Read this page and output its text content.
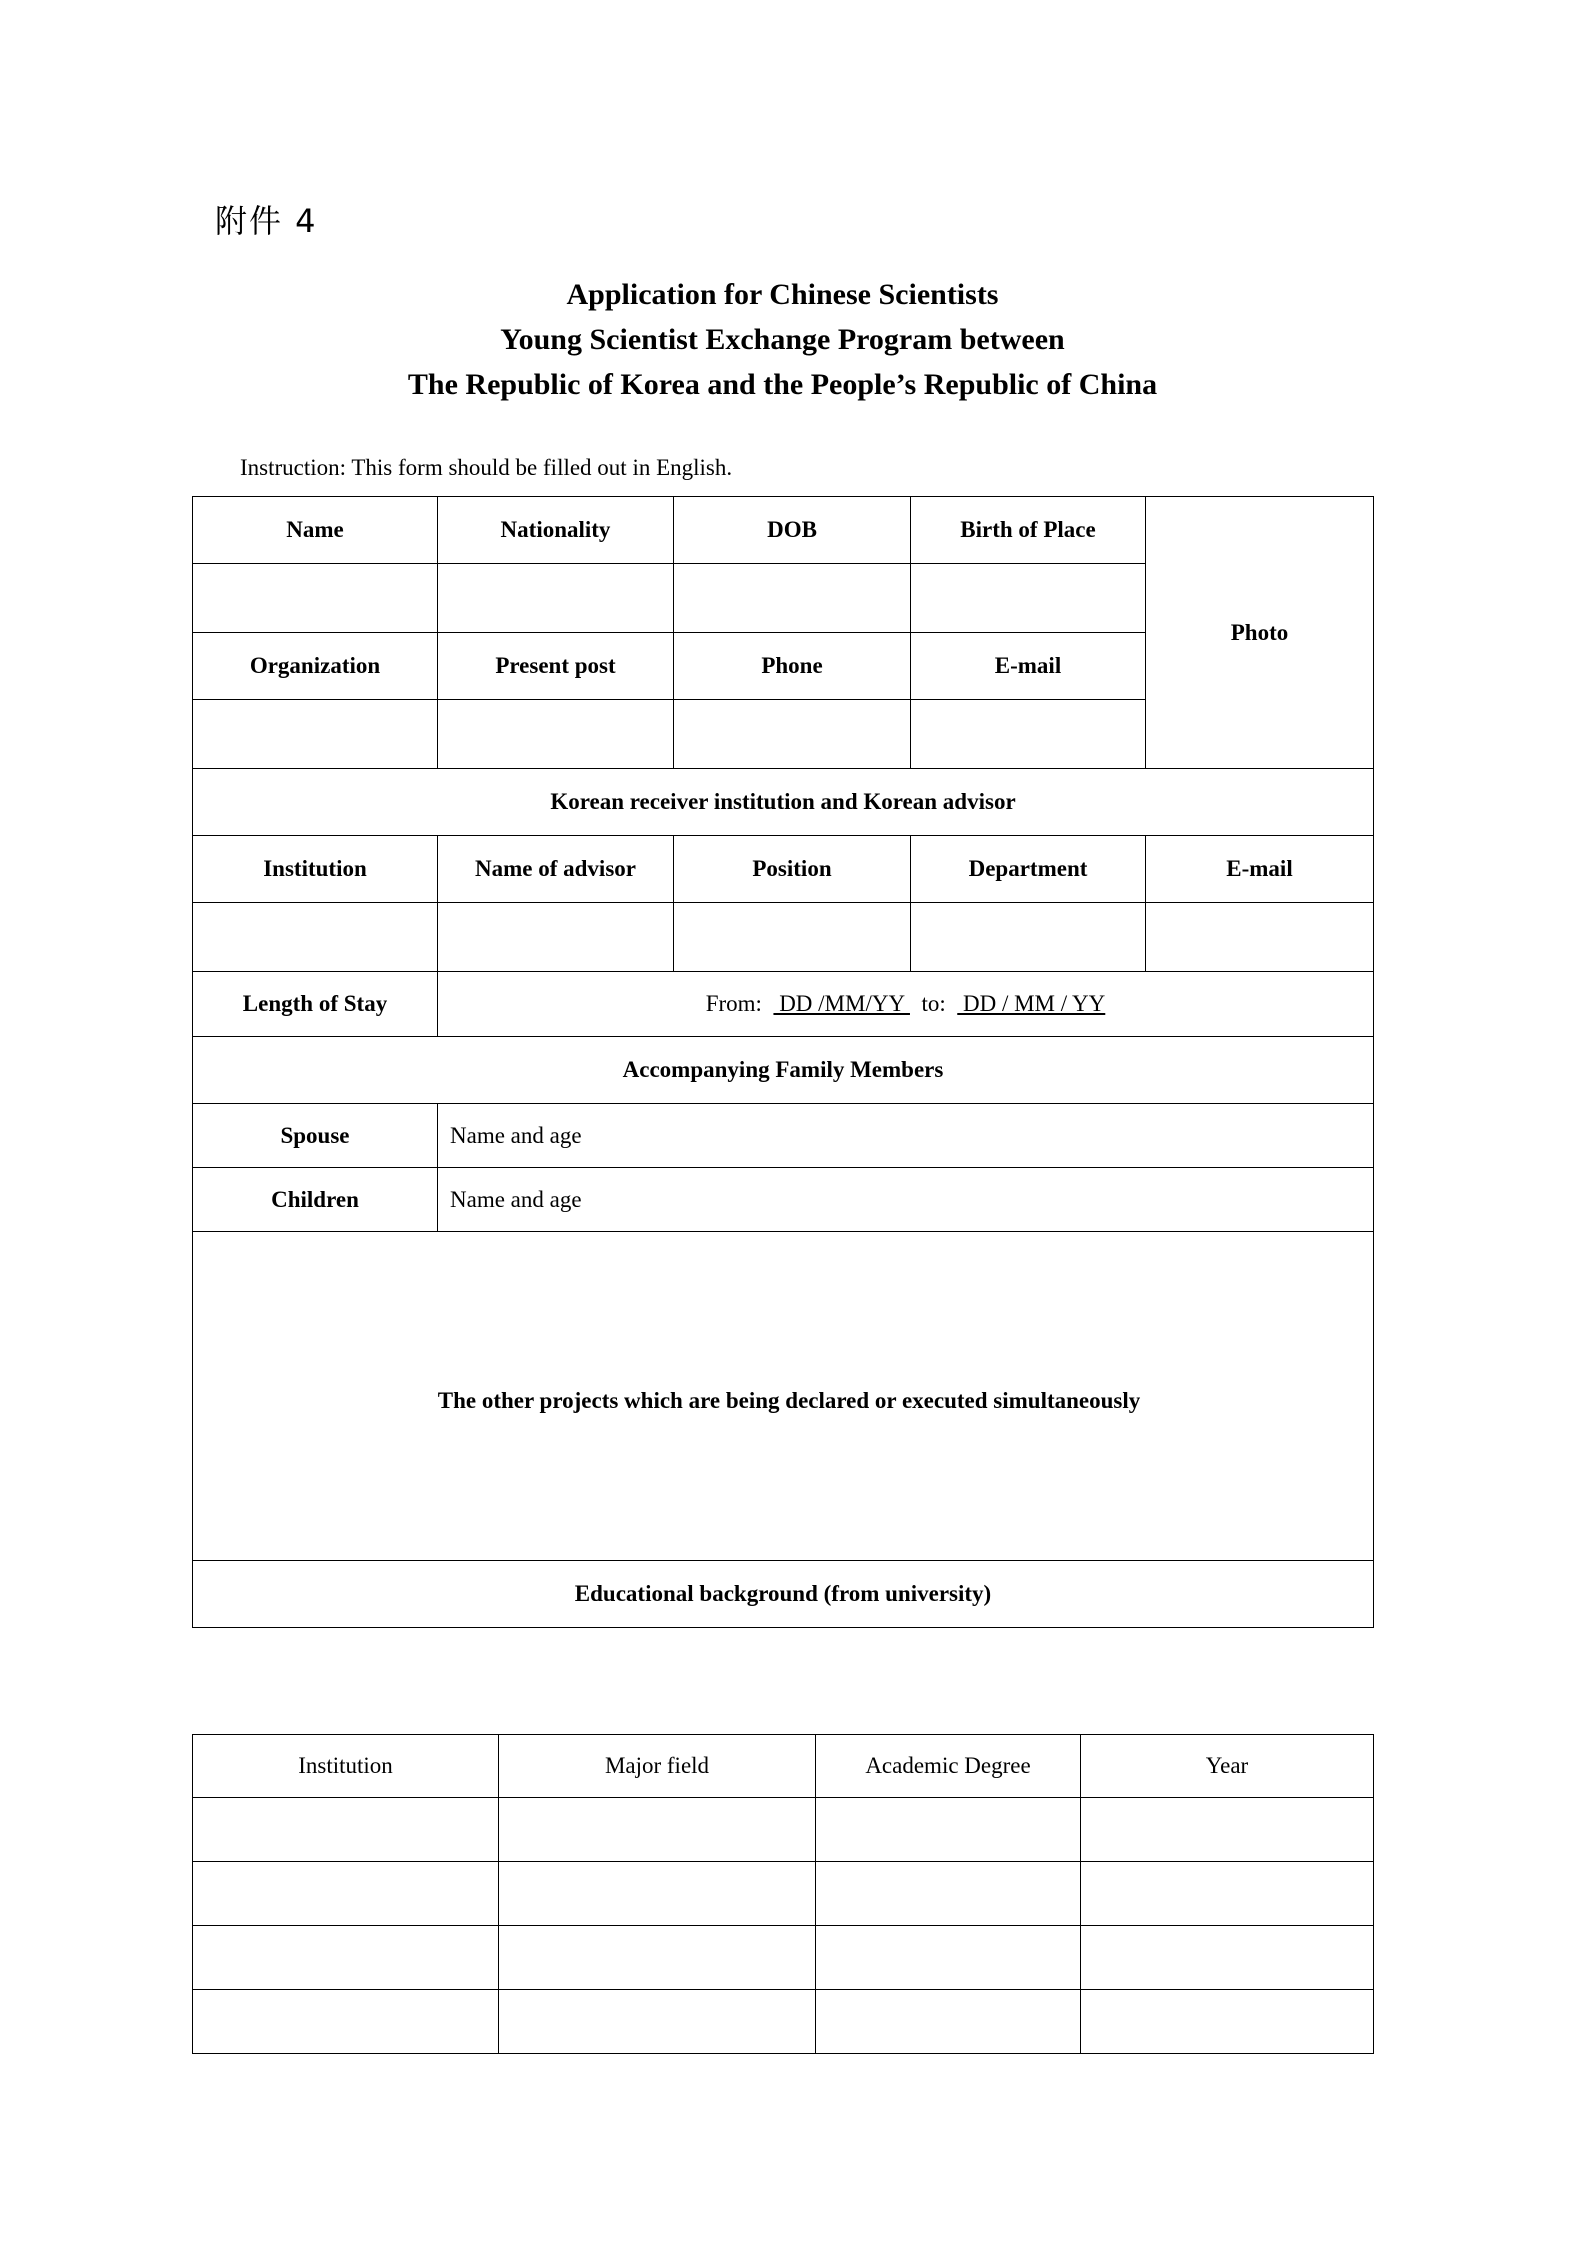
附件 4
Application for Chinese Scientists
Young Scientist Exchange Program between
The Republic of Korea and the People’s Republic of China
Instruction: This form should be filled out in English.
Name	Nationality	DOB	Birth of Place	Photo

Organization	Present post	Phone	E-mail	

Korean receiver institution and Korean advisor				
Institution	Name of advisor	Position	Department	E-mail

Length of Stay	From:   DD /MM/YY   to:   DD / MM / YY			
Accompanying Family Members				
Spouse	Name and age			
Children	Name and age			
The other projects which are being declared or executed simultaneously				
Educational background (from university)				
Institution	Major field	Academic Degree	Year
